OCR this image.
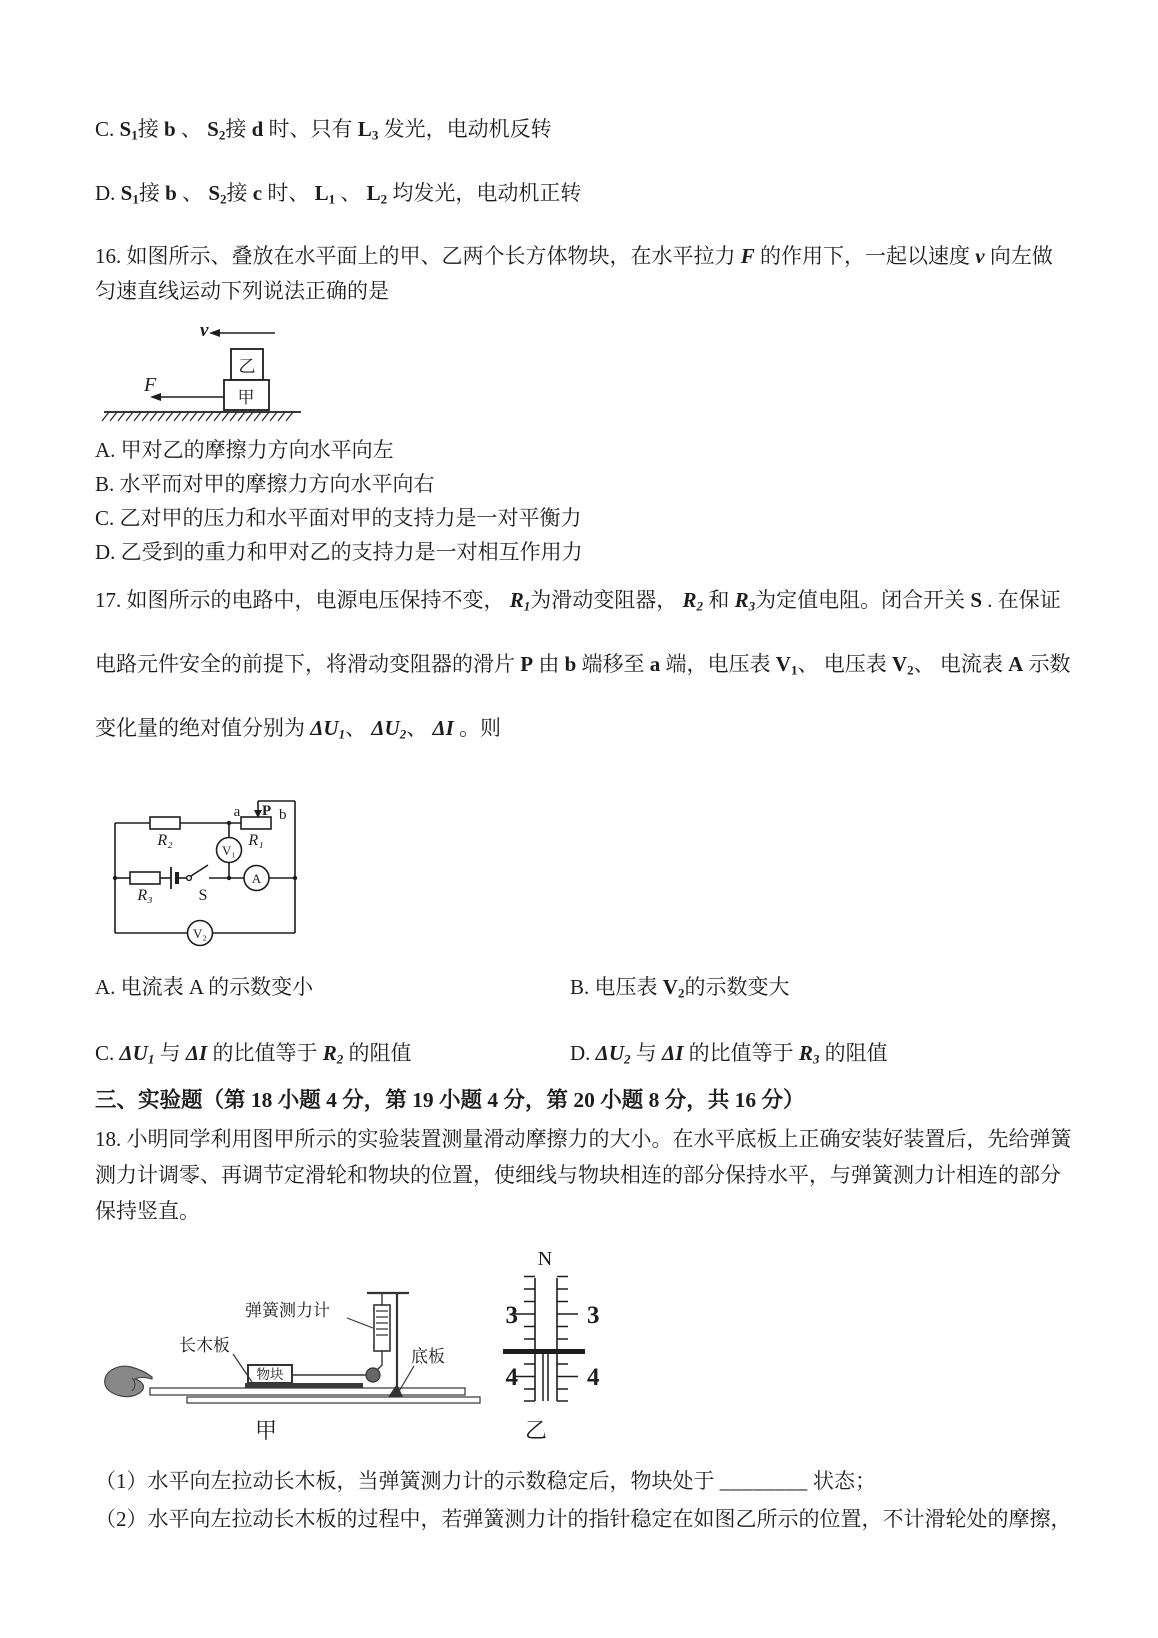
C. S1接 b 、 S2接 d 时、只有 L3 发光，电动机反转
D. S1接 b 、 S2接 c 时、 L1 、 L2 均发光，电动机正转
16. 如图所示、叠放在水平面上的甲、乙两个长方体物块，在水平拉力 F 的作用下，一起以速度 v 向左做匀速直线运动下列说法正确的是
v
乙
甲
F
A. 甲对乙的摩擦力方向水平向左
B. 水平而对甲的摩擦力方向水平向右
C. 乙对甲的压力和水平面对甲的支持力是一对平衡力
D. 乙受到的重力和甲对乙的支持力是一对相互作用力
17. 如图所示的电路中，电源电压保持不变， R1为滑动变阻器， R2 和 R3为定值电阻。闭合开关 S . 在保证电路元件安全的前提下，将滑动变阻器的滑片 P 由 b 端移至 a 端，电压表 V1、 电压表 V2、 电流表 A 示数变化量的绝对值分别为 ΔU1、 ΔU2、 ΔI 。则
V₁
A
V₂
a P b
R₂	R₁
R₃	S
A. 电流表 A 的示数变小	B. 电压表 V2的示数变大
C. ΔU1 与 ΔI 的比值等于 R2 的阻值	D. ΔU2 与 ΔI 的比值等于 R3 的阻值
三、实验题（第 18 小题 4 分，第 19 小题 4 分，第 20 小题 8 分，共 16 分）
18. 小明同学利用图甲所示的实验装置测量滑动摩擦力的大小。在水平底板上正确安装好装置后，先给弹簧测力计调零、再调节定滑轮和物块的位置，使细线与物块相连的部分保持水平，与弹簧测力计相连的部分保持竖直。
物块
弹簧测力计
长木板
底板
N
3	3
4	4
甲	乙
（1）水平向左拉动长木板，当弹簧测力计的示数稳定后，物块处于 ________ 状态；
（2）水平向左拉动长木板的过程中，若弹簧测力计的指针稳定在如图乙所示的位置，不计滑轮处的摩擦，
